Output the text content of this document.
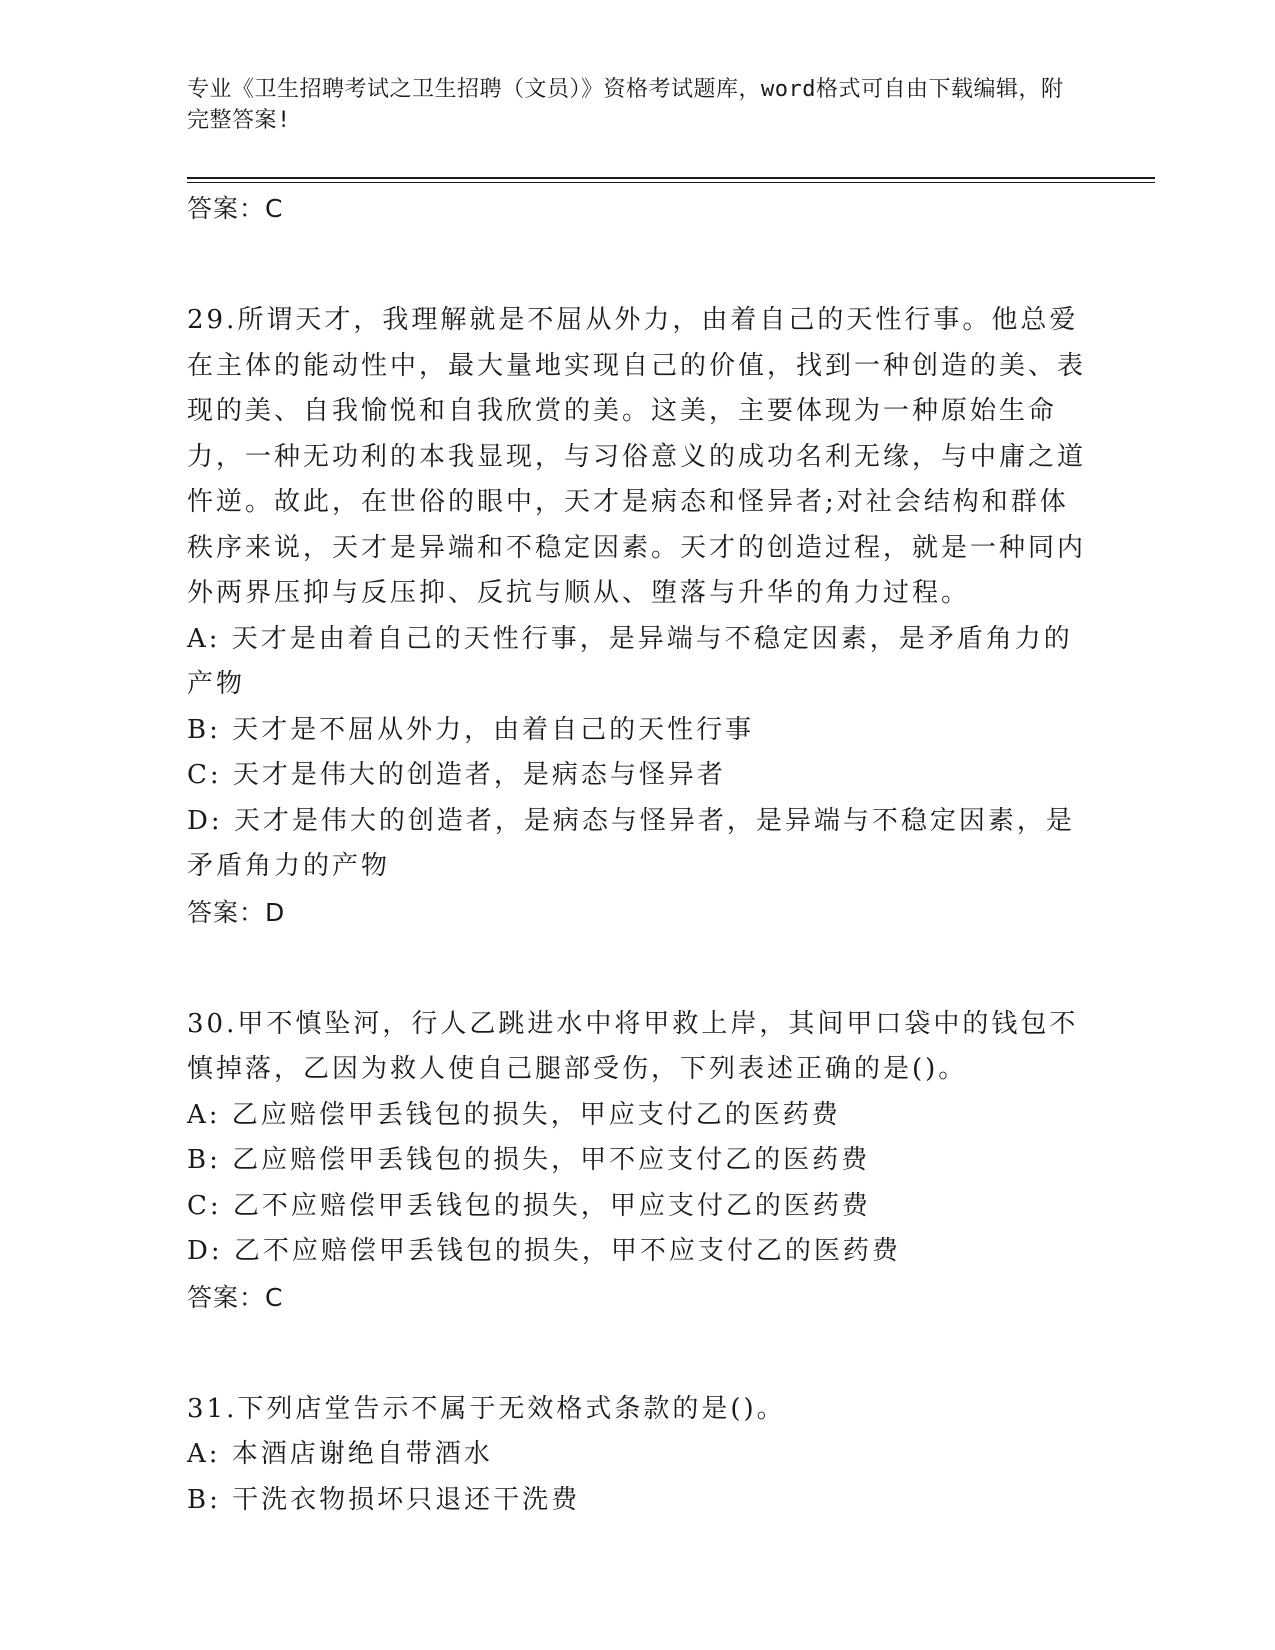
专业《卫生招聘考试之卫生招聘（文员）》资格考试题库，word格式可自由下载编辑，附完整答案!
答案：C
29.所谓天才，我理解就是不屈从外力，由着自己的天性行事。他总爱在主体的能动性中，最大量地实现自己的价值，找到一种创造的美、表现的美、自我愉悦和自我欣赏的美。这美，主要体现为一种原始生命力，一种无功利的本我显现，与习俗意义的成功名利无缘，与中庸之道忤逆。故此，在世俗的眼中，天才是病态和怪异者;对社会结构和群体秩序来说，天才是异端和不稳定因素。天才的创造过程，就是一种同内外两界压抑与反压抑、反抗与顺从、堕落与升华的角力过程。
A: 天才是由着自己的天性行事，是异端与不稳定因素，是矛盾角力的产物
B: 天才是不屈从外力，由着自己的天性行事
C: 天才是伟大的创造者，是病态与怪异者
D: 天才是伟大的创造者，是病态与怪异者，是异端与不稳定因素，是矛盾角力的产物
答案：D
30.甲不慎坠河，行人乙跳进水中将甲救上岸，其间甲口袋中的钱包不慎掉落，乙因为救人使自己腿部受伤，下列表述正确的是()。
A: 乙应赔偿甲丢钱包的损失，甲应支付乙的医药费
B: 乙应赔偿甲丢钱包的损失，甲不应支付乙的医药费
C: 乙不应赔偿甲丢钱包的损失，甲应支付乙的医药费
D: 乙不应赔偿甲丢钱包的损失，甲不应支付乙的医药费
答案：C
31.下列店堂告示不属于无效格式条款的是()。
A: 本酒店谢绝自带酒水
B: 干洗衣物损坏只退还干洗费
